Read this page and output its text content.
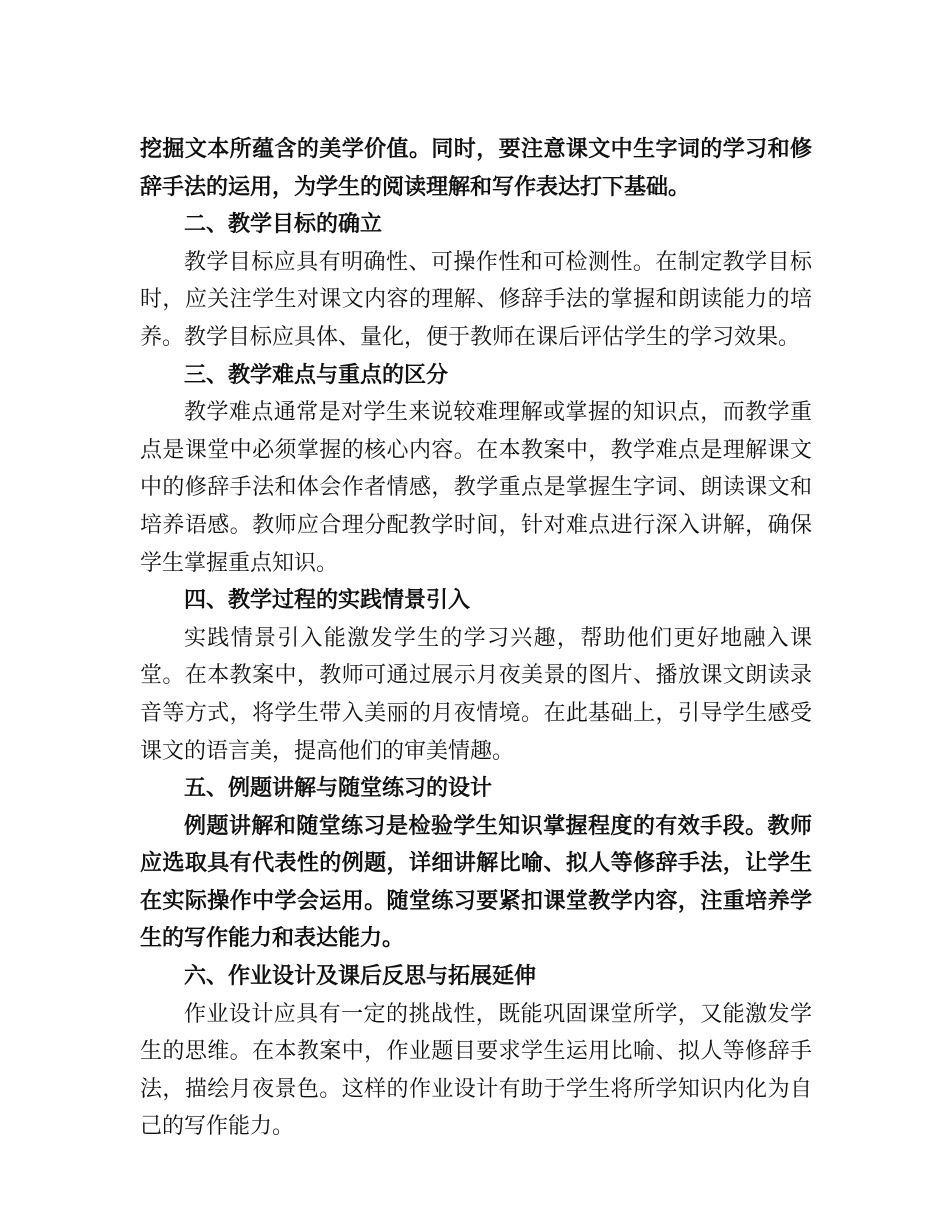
挖掘文本所蕴含的美学价值。同时，要注意课文中生字词的学习和修辞手法的运用，为学生的阅读理解和写作表达打下基础。

二、教学目标的确立

教学目标应具有明确性、可操作性和可检测性。在制定教学目标时，应关注学生对课文内容的理解、修辞手法的掌握和朗读能力的培养。教学目标应具体、量化，便于教师在课后评估学生的学习效果。

三、教学难点与重点的区分

教学难点通常是对学生来说较难理解或掌握的知识点，而教学重点是课堂中必须掌握的核心内容。在本教案中，教学难点是理解课文中的修辞手法和体会作者情感，教学重点是掌握生字词、朗读课文和培养语感。教师应合理分配教学时间，针对难点进行深入讲解，确保学生掌握重点知识。

四、教学过程的实践情景引入

实践情景引入能激发学生的学习兴趣，帮助他们更好地融入课堂。在本教案中，教师可通过展示月夜美景的图片、播放课文朗读录音等方式，将学生带入美丽的月夜情境。在此基础上，引导学生感受课文的语言美，提高他们的审美情趣。

五、例题讲解与随堂练习的设计

例题讲解和随堂练习是检验学生知识掌握程度的有效手段。教师应选取具有代表性的例题，详细讲解比喻、拟人等修辞手法，让学生在实际操作中学会运用。随堂练习要紧扣课堂教学内容，注重培养学生的写作能力和表达能力。

六、作业设计及课后反思与拓展延伸

作业设计应具有一定的挑战性，既能巩固课堂所学，又能激发学生的思维。在本教案中，作业题目要求学生运用比喻、拟人等修辞手法，描绘月夜景色。这样的作业设计有助于学生将所学知识内化为自己的写作能力。
